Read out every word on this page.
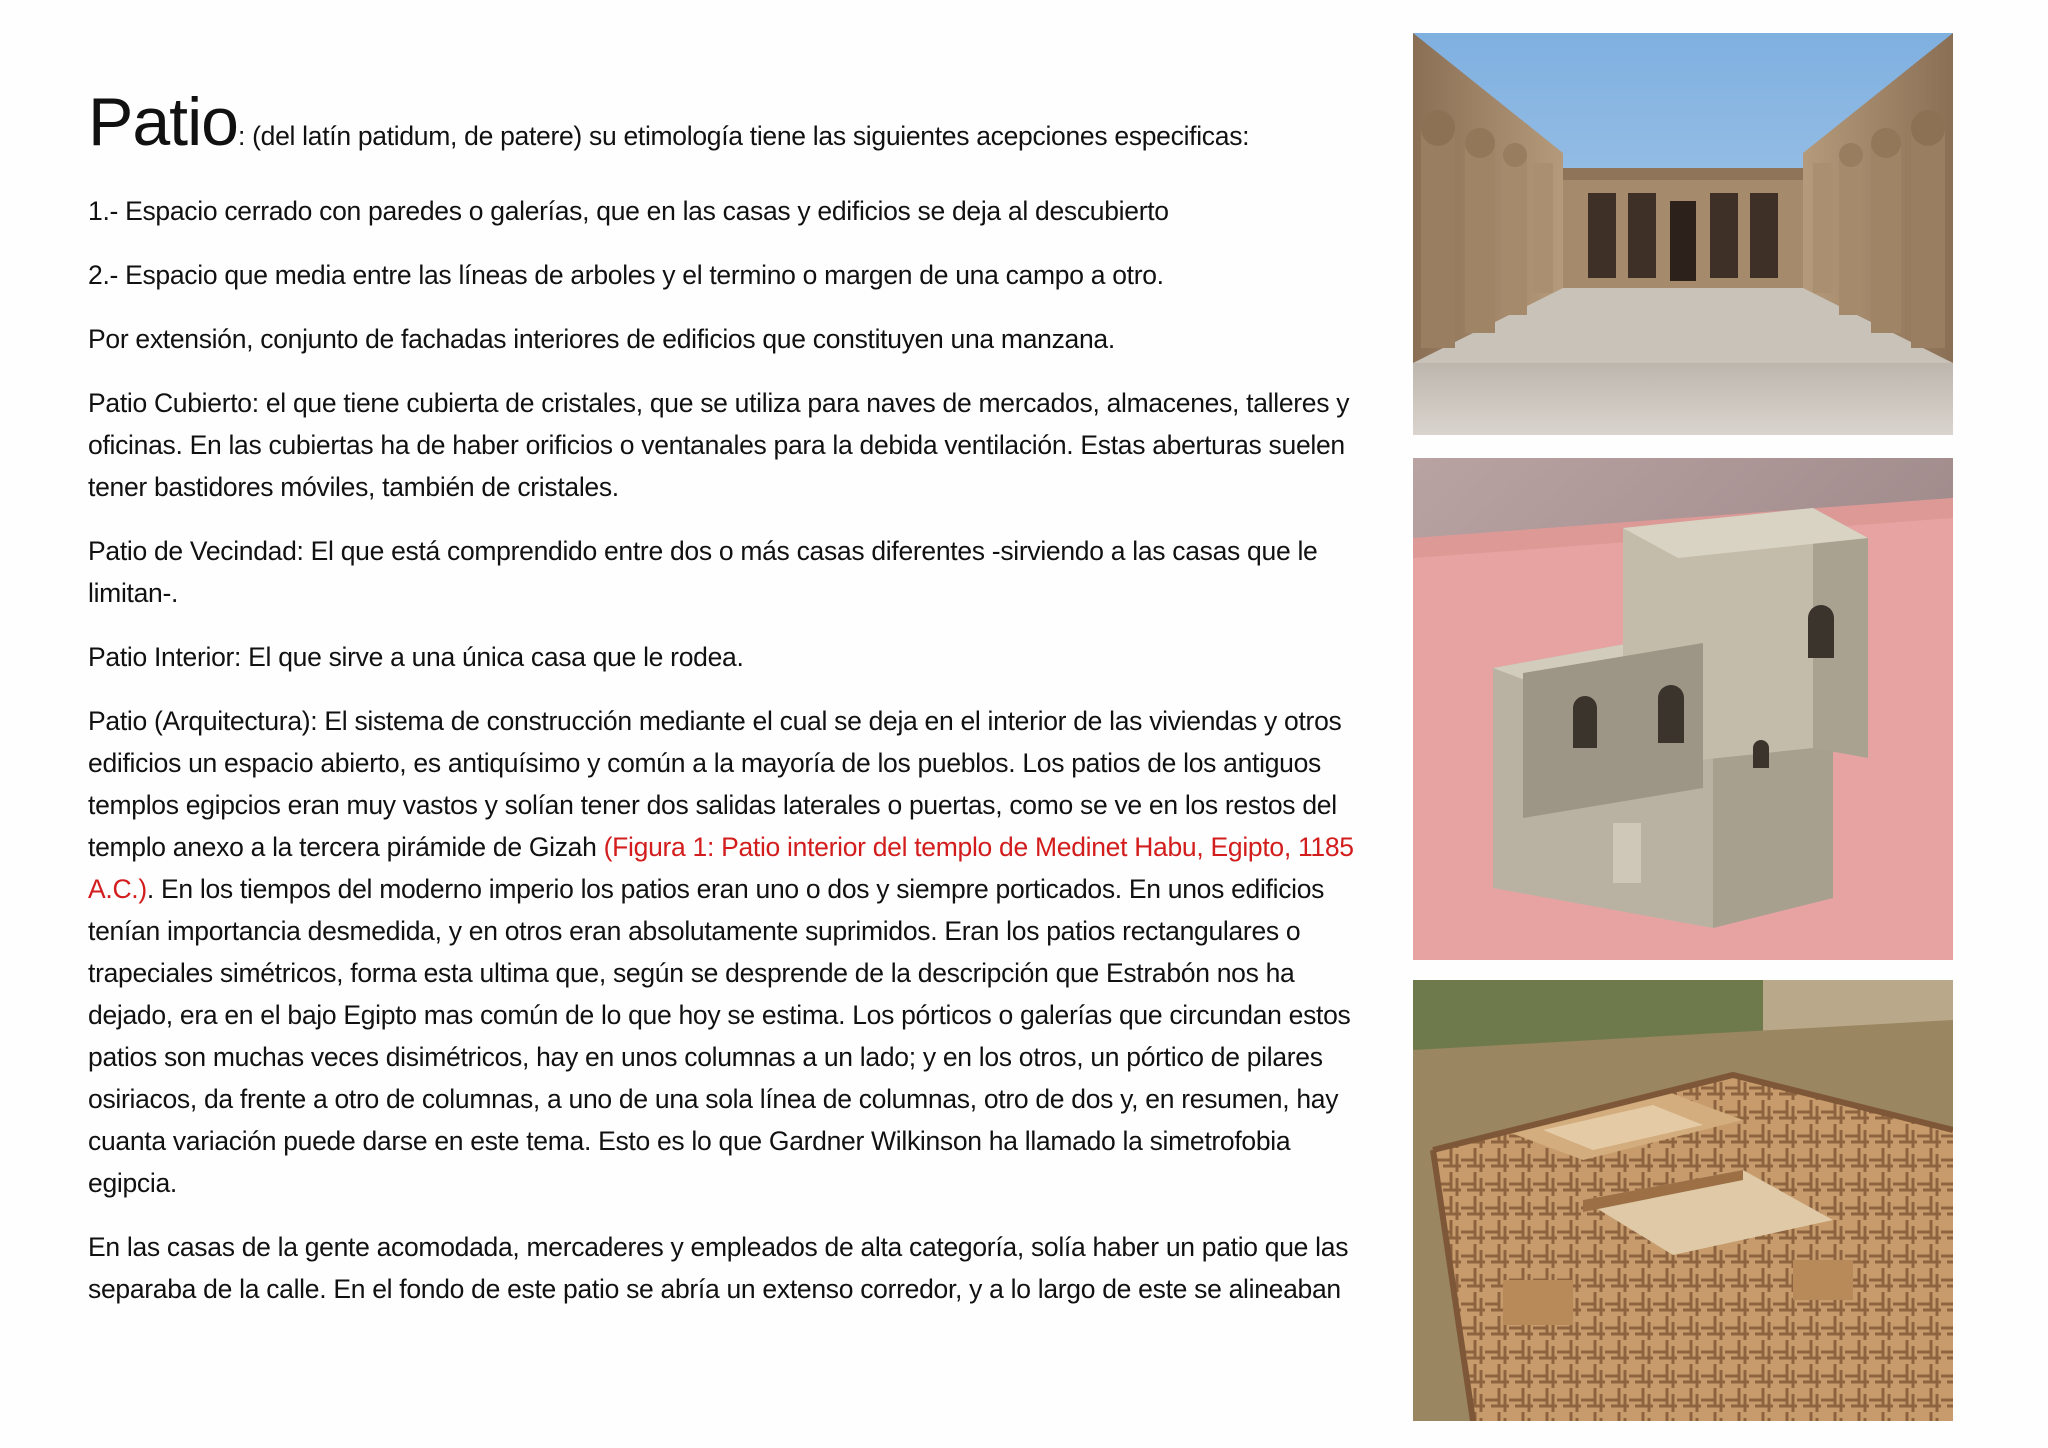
Patio: (del latín patidum, de patere) su etimología tiene las siguientes acepciones especificas:

1.- Espacio cerrado con paredes o galerías, que en las casas y edificios se deja al descubierto

2.- Espacio que media entre las líneas de arboles y el termino o margen de una campo a otro.

Por extensión, conjunto de fachadas interiores de edificios que constituyen una manzana.

Patio Cubierto: el que tiene cubierta de cristales, que se utiliza para naves de mercados, almacenes, talleres y
oficinas. En las cubiertas ha de haber orificios o ventanales para la debida ventilación. Estas aberturas suelen
tener bastidores móviles, también de cristales.

Patio de Vecindad: El que está comprendido entre dos o más casas diferentes -sirviendo a las casas que le
limitan-.

Patio Interior: El que sirve a una única casa que le rodea.

Patio (Arquitectura): El sistema de construcción mediante el cual se deja en el interior de las viviendas y otros
edificios un espacio abierto, es antiquísimo y común a la mayoría de los pueblos. Los patios de los antiguos
templos egipcios eran muy vastos y solían tener dos salidas laterales o puertas, como se ve en los restos del
templo anexo a la tercera pirámide de Gizah (Figura 1: Patio interior del templo de Medinet Habu, Egipto, 1185
A.C.). En los tiempos del moderno imperio los patios eran uno o dos y siempre porticados. En unos edificios
tenían importancia desmedida, y en otros eran absolutamente suprimidos. Eran los patios rectangulares o
trapeciales simétricos, forma esta ultima que, según se desprende de la descripción que Estrabón nos ha
dejado, era en el bajo Egipto mas común de lo que hoy se estima. Los pórticos o galerías que circundan estos
patios son muchas veces disimétricos, hay en unos columnas a un lado; y en los otros, un pórtico de pilares
osiriacos, da frente a otro de columnas, a uno de una sola línea de columnas, otro de dos y, en resumen, hay
cuanta variación puede darse en este tema. Esto es lo que Gardner Wilkinson ha llamado la simetrofobia
egipcia.

En las casas de la gente acomodada, mercaderes y empleados de alta categoría, solía haber un patio que las
separaba de la calle. En el fondo de este patio se abría un extenso corredor, y a lo largo de este se alineaban
